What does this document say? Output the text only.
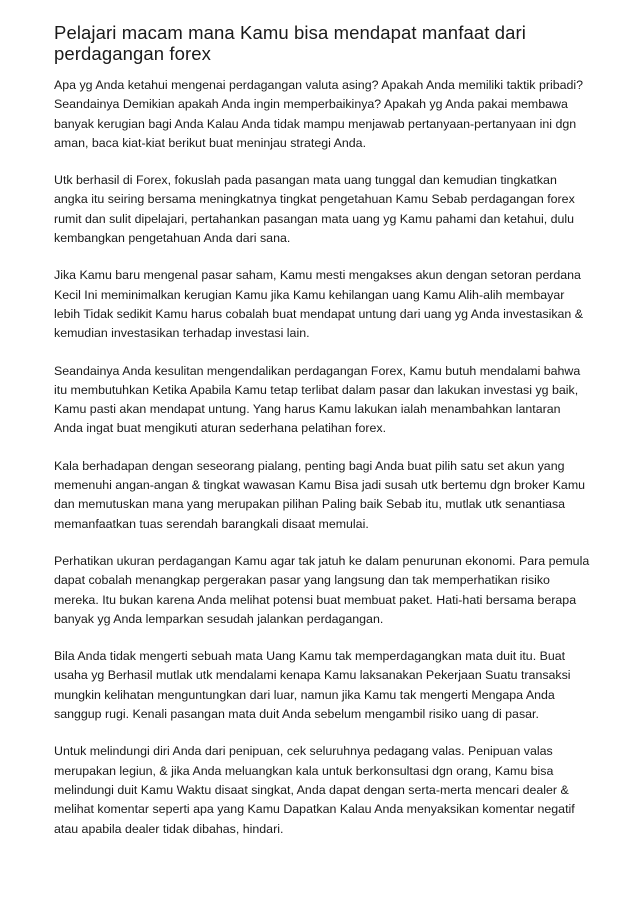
Pelajari macam mana Kamu bisa mendapat manfaat dari perdagangan forex

Apa yg Anda ketahui mengenai perdagangan valuta asing? Apakah Anda memiliki taktik pribadi? Seandainya Demikian apakah Anda ingin memperbaikinya? Apakah yg Anda pakai membawa banyak kerugian bagi Anda Kalau Anda tidak mampu menjawab pertanyaan-pertanyaan ini dgn aman, baca kiat-kiat berikut buat meninjau strategi Anda.

Utk berhasil di Forex, fokuslah pada pasangan mata uang tunggal dan kemudian tingkatkan angka itu seiring bersama meningkatnya tingkat pengetahuan Kamu Sebab perdagangan forex rumit dan sulit dipelajari, pertahankan pasangan mata uang yg Kamu pahami dan ketahui, dulu kembangkan pengetahuan Anda dari sana.

Jika Kamu baru mengenal pasar saham, Kamu mesti mengakses akun dengan setoran perdana Kecil Ini meminimalkan kerugian Kamu jika Kamu kehilangan uang Kamu Alih-alih membayar lebih Tidak sedikit Kamu harus cobalah buat mendapat untung dari uang yg Anda investasikan & kemudian investasikan terhadap investasi lain.

Seandainya Anda kesulitan mengendalikan perdagangan Forex, Kamu butuh mendalami bahwa itu membutuhkan Ketika Apabila Kamu tetap terlibat dalam pasar dan lakukan investasi yg baik, Kamu pasti akan mendapat untung. Yang harus Kamu lakukan ialah menambahkan lantaran Anda ingat buat mengikuti aturan sederhana pelatihan forex.

Kala berhadapan dengan seseorang pialang, penting bagi Anda buat pilih satu set akun yang memenuhi angan-angan & tingkat wawasan Kamu Bisa jadi susah utk bertemu dgn broker Kamu dan memutuskan mana yang merupakan pilihan Paling baik Sebab itu, mutlak utk senantiasa memanfaatkan tuas serendah barangkali disaat memulai.

Perhatikan ukuran perdagangan Kamu agar tak jatuh ke dalam penurunan ekonomi. Para pemula dapat cobalah menangkap pergerakan pasar yang langsung dan tak memperhatikan risiko mereka. Itu bukan karena Anda melihat potensi buat membuat paket. Hati-hati bersama berapa banyak yg Anda lemparkan sesudah jalankan perdagangan.

Bila Anda tidak mengerti sebuah mata Uang Kamu tak memperdagangkan mata duit itu. Buat usaha yg Berhasil mutlak utk mendalami kenapa Kamu laksanakan Pekerjaan Suatu transaksi mungkin kelihatan menguntungkan dari luar, namun jika Kamu tak mengerti Mengapa Anda sanggup rugi. Kenali pasangan mata duit Anda sebelum mengambil risiko uang di pasar.

Untuk melindungi diri Anda dari penipuan, cek seluruhnya pedagang valas. Penipuan valas merupakan legiun, & jika Anda meluangkan kala untuk berkonsultasi dgn orang, Kamu bisa melindungi duit Kamu Waktu disaat singkat, Anda dapat dengan serta-merta mencari dealer & melihat komentar seperti apa yang Kamu Dapatkan Kalau Anda menyaksikan komentar negatif atau apabila dealer tidak dibahas, hindari.
